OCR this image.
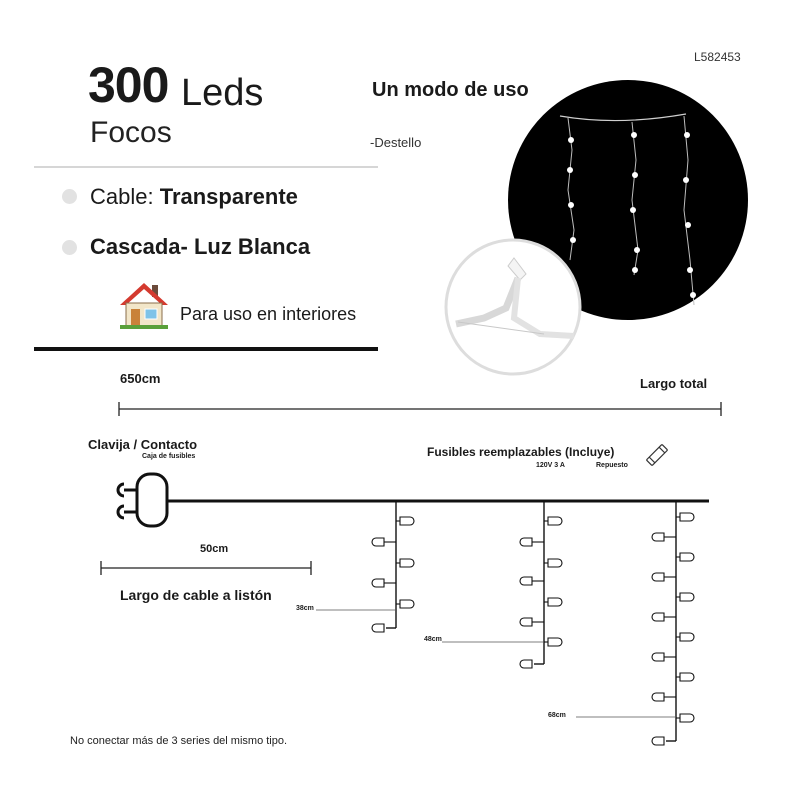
L582453
300 Leds
Focos
Cable: Transparente
Cascada- Luz Blanca
Para uso en interiores
Un modo de uso
-Destello
650cm	Largo total
Clavija / Contacto
Caja de fusibles	Fusibles reemplazables (Incluye)
120V 3 A	Repuesto
50cm
Largo de cable a listón
38cm
48cm
68cm
No conectar más de 3 series del mismo tipo.
